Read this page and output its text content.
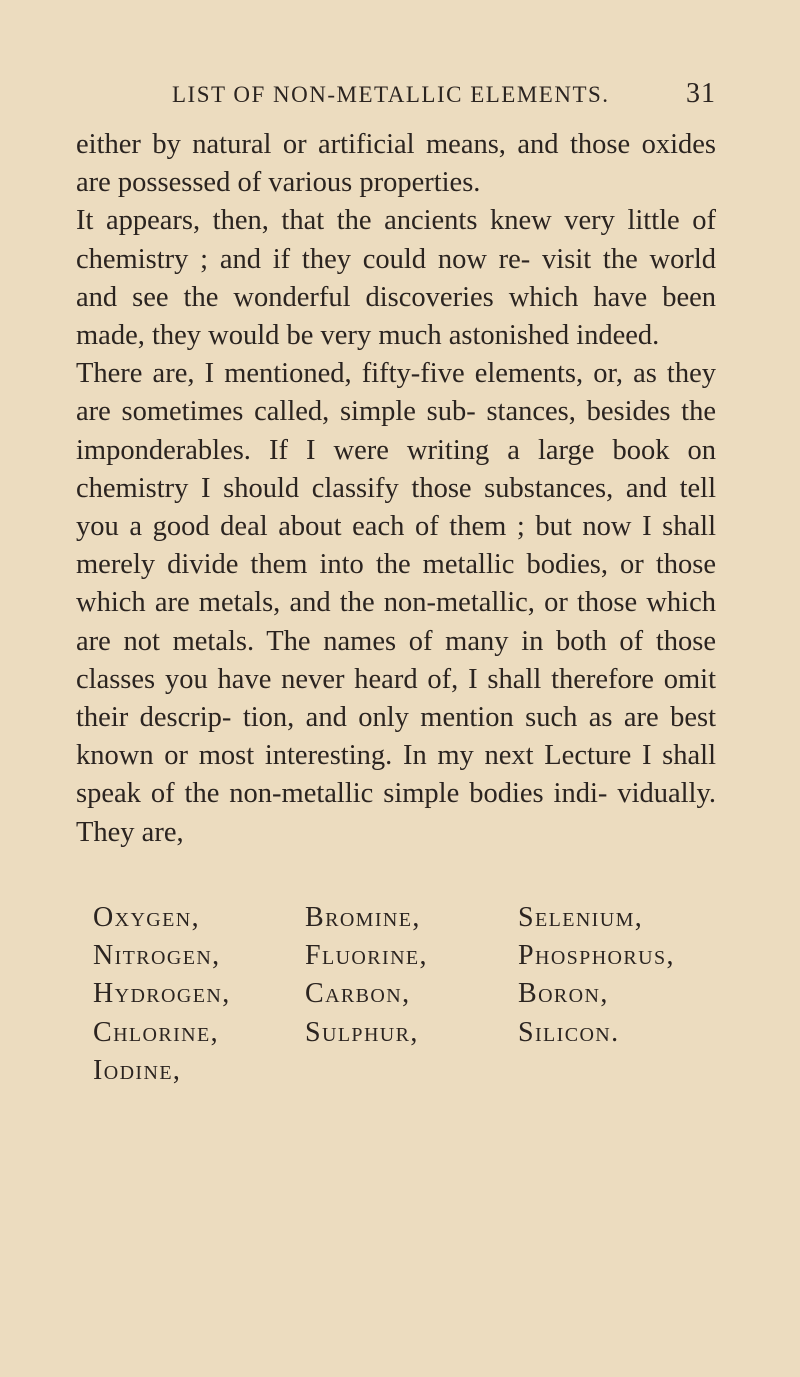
LIST OF NON-METALLIC ELEMENTS.	31

either by natural or artificial means, and those oxides are possessed of various properties.

It appears, then, that the ancients knew very little of chemistry ; and if they could now re- visit the world and see the wonderful discoveries which have been made, they would be very much astonished indeed.

There are, I mentioned, fifty-five elements, or, as they are sometimes called, simple sub- stances, besides the imponderables. If I were writing a large book on chemistry I should classify those substances, and tell you a good deal about each of them ; but now I shall merely divide them into the metallic bodies, or those which are metals, and the non-metallic, or those which are not metals. The names of many in both of those classes you have never heard of, I shall therefore omit their descrip- tion, and only mention such as are best known or most interesting. In my next Lecture I shall speak of the non-metallic simple bodies indi- vidually. They are,

Oxygen,	Bromine,	Selenium,
Nitrogen,	Fluorine,	Phosphorus,
Hydrogen,	Carbon,	Boron,
Chlorine,	Sulphur,	Silicon.
Iodine,
